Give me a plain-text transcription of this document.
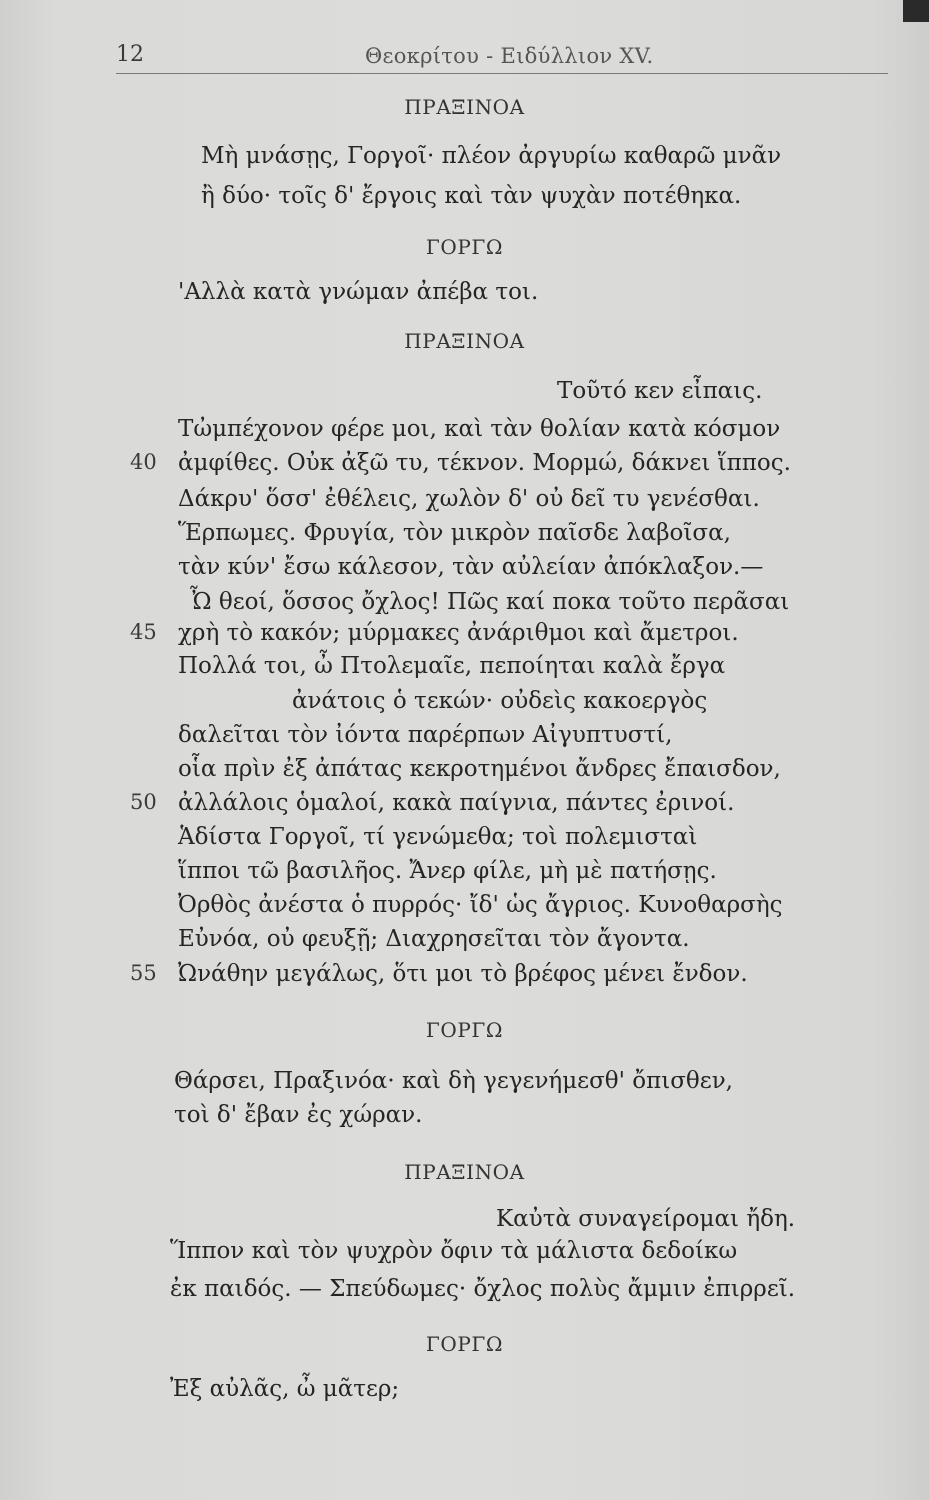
12	Θεοκρίτου - Ειδύλλιον XV.
ΠΡΑΞΙΝΟΑ
Μὴ μνάσῃς, Γοργοῖ· πλέον ἀργυρίω καθαρῶ μνᾶν
ἢ δύο· τοῖς δ' ἔργοις καὶ τὰν ψυχὰν ποτέθηκα.
ΓΟΡΓΩ
'Αλλὰ κατὰ γνώμαν ἀπέβα τοι.
ΠΡΑΞΙΝΟΑ
Τοῦτό κεν εἶπαις.
Τὠμπέχονον φέρε μοι, καὶ τὰν θολίαν κατὰ κόσμον
40 ἀμφίθες. Οὐκ ἀξῶ τυ, τέκνον. Μορμώ, δάκνει ἵππος.
Δάκρυ' ὅσσ' ἐθέλεις, χωλὸν δ' οὐ δεῖ τυ γενέσθαι.
Ἕρπωμες. Φρυγία, τὸν μικρὸν παῖσδε λαβοῖσα,
τὰν κύν' ἔσω κάλεσον, τὰν αὐλείαν ἀπόκλαξον.—
Ὦ θεοί, ὅσσος ὄχλος! Πῶς καί ποκα τοῦτο περᾶσαι
45 χρὴ τὸ κακόν; μύρμακες ἀνάριθμοι καὶ ἄμετροι.
Πολλά τοι, ὦ Πτολεμαῖε, πεποίηται καλὰ ἔργα
ἀνάτοις ὁ τεκών· οὐδεὶς κακοεργὸς
δαλεῖται τὸν ἰόντα παρέρπων Αἰγυπτυστί,
οἷα πρὶν ἐξ ἀπάτας κεκροτημένοι ἄνδρες ἔπαισδον,
50 ἀλλάλοις ὁμαλοί, κακὰ παίγνια, πάντες ἐρινοί.
Ἁδίστα Γοργοῖ, τί γενώμεθα; τοὶ πολεμισταὶ
ἵπποι τῶ βασιλῆος. Ἄνερ φίλε, μὴ μὲ πατήσῃς.
Ὀρθὸς ἀνέστα ὁ πυρρός· ἴδ' ὡς ἄγριος. Κυνοθαρσὴς
Εὐνόα, οὐ φευξῇ; Διαχρησεῖται τὸν ἄγοντα.
55 Ὠνάθην μεγάλως, ὅτι μοι τὸ βρέφος μένει ἔνδον.
ΓΟΡΓΩ
Θάρσει, Πραξινόα· καὶ δὴ γεγενήμεσθ' ὄπισθεν,
τοὶ δ' ἔβαν ἐς χώραν.
ΠΡΑΞΙΝΟΑ
Καὐτὰ συναγείρομαι ἤδη.
Ἵππον καὶ τὸν ψυχρὸν ὄφιν τὰ μάλιστα δεδοίκω
ἐκ παιδός. — Σπεύδωμες· ὄχλος πολὺς ἄμμιν ἐπιρρεῖ.
ΓΟΡΓΩ
Ἐξ αὐλᾶς, ὦ μᾶτερ;
